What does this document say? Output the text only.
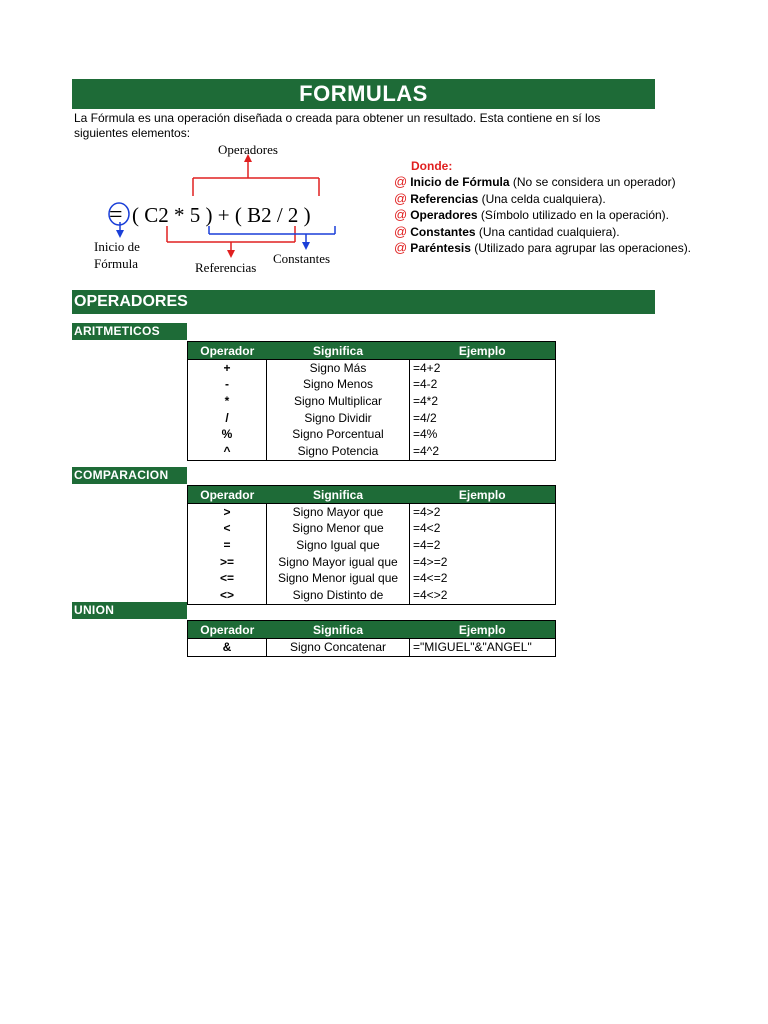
FORMULAS
La Fórmula es una operación diseñada o creada para obtener un resultado. Esta contiene en sí los siguientes elementos:
= ( C2 * 5 ) + ( B2 / 2 )
Operadores
Inicio de
Fórmula	Referencias
Constantes
Donde:
@ Inicio de Fórmula (No se considera un operador)
@ Referencias (Una celda cualquiera).
@ Operadores (Símbolo utilizado en la operación).
@ Constantes (Una cantidad cualquiera).
@ Paréntesis (Utilizado para agrupar las operaciones).
OPERADORES
ARITMETICOS
Operador	Significa	Ejemplo
+	Signo Más	=4+2
-	Signo Menos	=4-2
*	Signo Multiplicar	=4*2
/	Signo Dividir	=4/2
%	Signo Porcentual	=4%
^	Signo Potencia	=4^2
COMPARACION
Operador	Significa	Ejemplo
>	Signo Mayor que	=4>2
<	Signo Menor que	=4<2
=	Signo Igual que	=4=2
>=	Signo Mayor igual que	=4>=2
<=	Signo Menor igual que	=4<=2
<>	Signo Distinto de	=4<>2
UNION
Operador	Significa	Ejemplo
&	Signo Concatenar	="MIGUEL"&"ANGEL"
